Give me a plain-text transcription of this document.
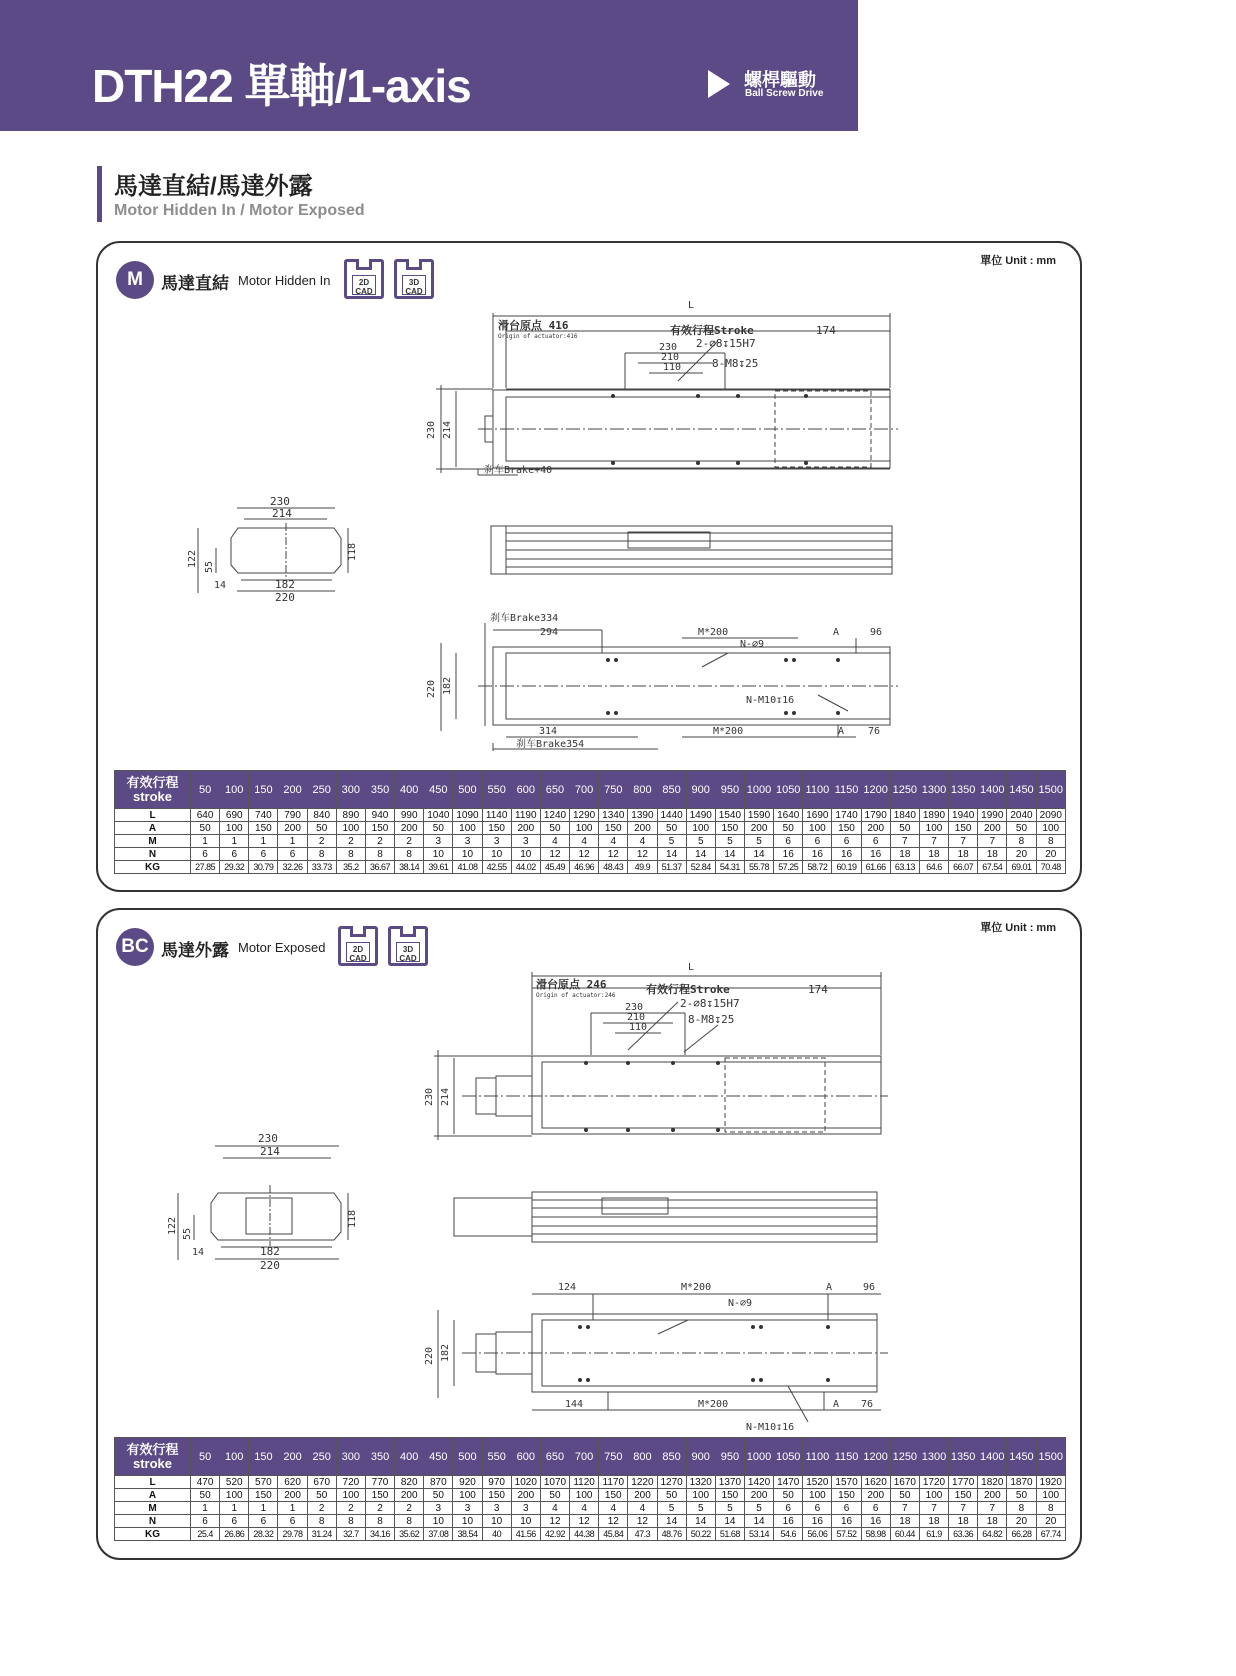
DTH22 單軸/1-axis	螺桿驅動
Ball Screw Drive
馬達直結/馬達外露
Motor Hidden In / Motor Exposed
單位 Unit : mm
M	馬達直結 Motor Hidden In	2D
CAD
3D
CAD
L
滑台原点 416
Origin of actuator:416	有效行程Stroke	174
230
210
110
2-⌀8↧15H7
8-M8↧25
230 214
刹车Brake+40
230
214
122 55
118
14	182
220
刹车Brake334
294	M*200	A	96
N-⌀9
N-M10↧16
220 182
314	M*200	A 76
刹车Brake354
有效行程
stroke	50	100	150	200	250	300	350	400	450	500	550	600	650	700	750	800	850	900	950	1000	1050	1100	1150	1200	1250	1300	1350	1400	1450	1500
L	640	690	740	790	840	890	940	990	1040	1090	1140	1190	1240	1290	1340	1390	1440	1490	1540	1590	1640	1690	1740	1790	1840	1890	1940	1990	2040	2090
A	50	100	150	200	50	100	150	200	50	100	150	200	50	100	150	200	50	100	150	200	50	100	150	200	50	100	150	200	50	100
M	1	1	1	1	2	2	2	2	3	3	3	3	4	4	4	4	5	5	5	5	6	6	6	6	7	7	7	7	8	8
N	6	6	6	6	8	8	8	8	10	10	10	10	12	12	12	12	14	14	14	14	16	16	16	16	18	18	18	18	20	20
KG	27.85	29.32	30.79	32.26	33.73	35.2	36.67	38.14	39.61	41.08	42.55	44.02	45.49	46.96	48.43	49.9	51.37	52.84	54.31	55.78	57.25	58.72	60.19	61.66	63.13	64.6	66.07	67.54	69.01	70.48
單位 Unit : mm
BC 馬達外露 Motor Exposed	2D
CAD
3D
CAD
L
滑台原点 246
Origin of actuator:246	有效行程Stroke	174
230
210
110
2-⌀8↧15H7
8-M8↧25
230 214
230
214
122 55
118
14	182
220
124	M*200	A	96
N-⌀9
220 182
144	M*200	A 76
N-M10↧16
有效行程
stroke	50	100	150	200	250	300	350	400	450	500	550	600	650	700	750	800	850	900	950	1000	1050	1100	1150	1200	1250	1300	1350	1400	1450	1500
L	470	520	570	620	670	720	770	820	870	920	970	1020	1070	1120	1170	1220	1270	1320	1370	1420	1470	1520	1570	1620	1670	1720	1770	1820	1870	1920
A	50	100	150	200	50	100	150	200	50	100	150	200	50	100	150	200	50	100	150	200	50	100	150	200	50	100	150	200	50	100
M	1	1	1	1	2	2	2	2	3	3	3	3	4	4	4	4	5	5	5	5	6	6	6	6	7	7	7	7	8	8
N	6	6	6	6	8	8	8	8	10	10	10	10	12	12	12	12	14	14	14	14	16	16	16	16	18	18	18	18	20	20
KG	25.4	26.86	28.32	29.78	31.24	32.7	34.16	35.62	37.08	38.54	40	41.56	42.92	44.38	45.84	47.3	48.76	50.22	51.68	53.14	54.6	56.06	57.52	58.98	60.44	61.9	63.36	64.82	66.28	67.74
